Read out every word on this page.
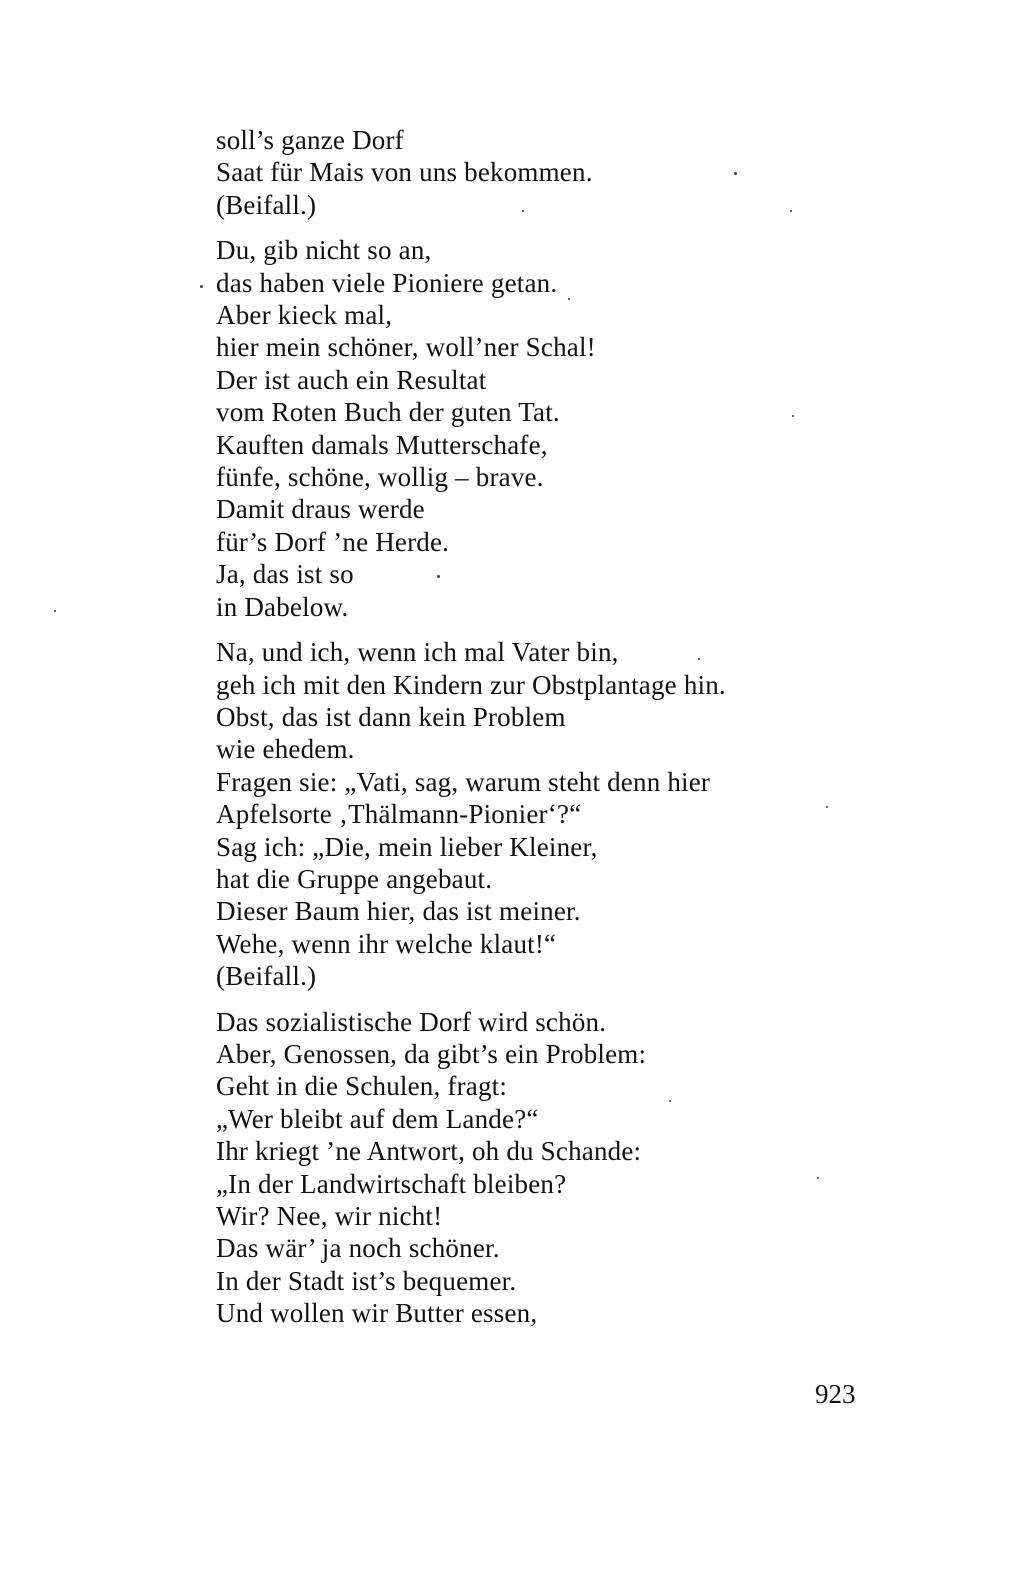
soll’s ganze Dorf
Saat für Mais von uns bekommen.
(Beifall.)
Du, gib nicht so an,
das haben viele Pioniere getan.
Aber kieck mal,
hier mein schöner, woll’ner Schal!
Der ist auch ein Resultat
vom Roten Buch der guten Tat.
Kauften damals Mutterschafe,
fünfe, schöne, wollig – brave.
Damit draus werde
für’s Dorf ’ne Herde.
Ja, das ist so
in Dabelow.
Na, und ich, wenn ich mal Vater bin,
geh ich mit den Kindern zur Obstplantage hin.
Obst, das ist dann kein Problem
wie ehedem.
Fragen sie: „Vati, sag, warum steht denn hier
Apfelsorte ‚Thälmann-Pionier‘?“
Sag ich: „Die, mein lieber Kleiner,
hat die Gruppe angebaut.
Dieser Baum hier, das ist meiner.
Wehe, wenn ihr welche klaut!“
(Beifall.)
Das sozialistische Dorf wird schön.
Aber, Genossen, da gibt’s ein Problem:
Geht in die Schulen, fragt:
„Wer bleibt auf dem Lande?“
Ihr kriegt ’ne Antwort, oh du Schande:
„In der Landwirtschaft bleiben?
Wir? Nee, wir nicht!
Das wär’ ja noch schöner.
In der Stadt ist’s bequemer.
Und wollen wir Butter essen,
923
